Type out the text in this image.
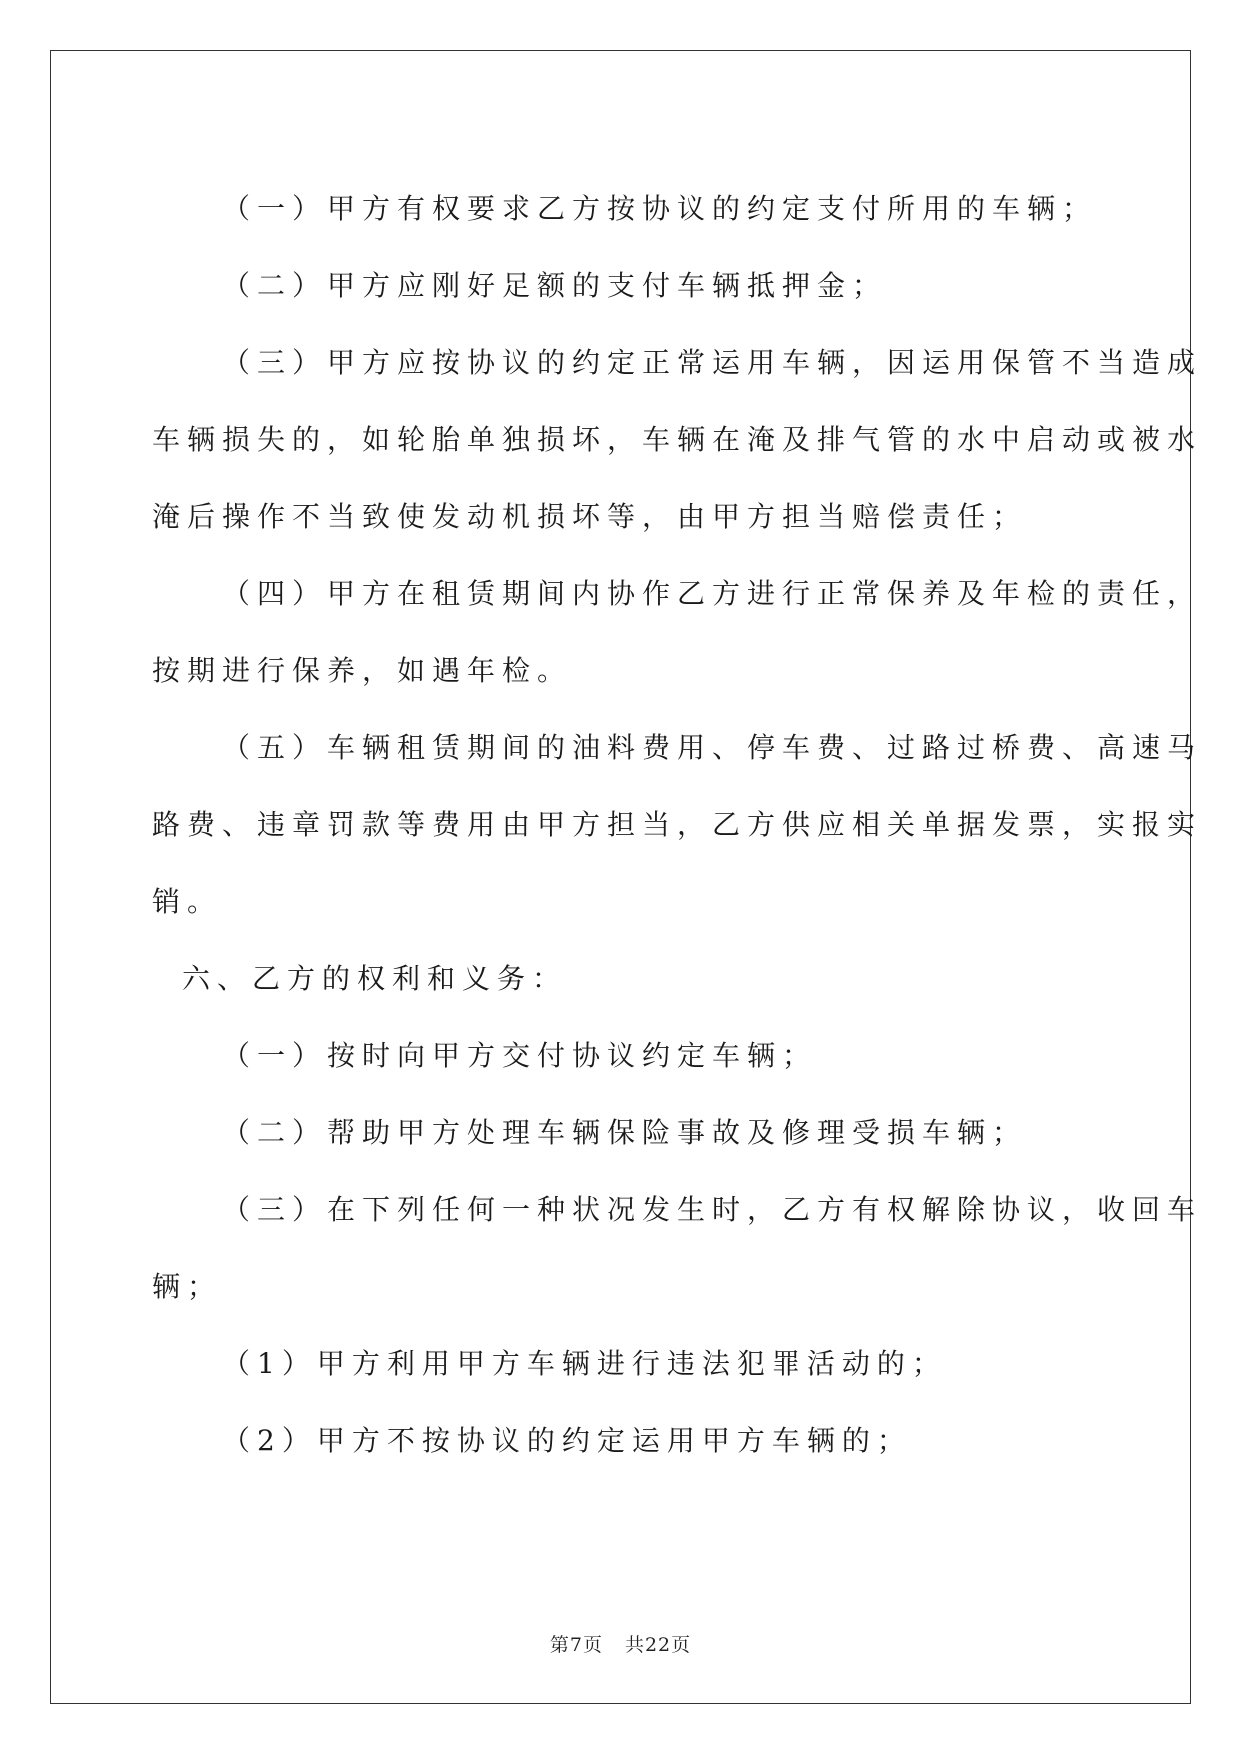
（一）甲方有权要求乙方按协议的约定支付所用的车辆；

（二）甲方应刚好足额的支付车辆抵押金；

（三）甲方应按协议的约定正常运用车辆，因运用保管不当造成

车辆损失的，如轮胎单独损坏，车辆在淹及排气管的水中启动或被水

淹后操作不当致使发动机损坏等，由甲方担当赔偿责任；

（四）甲方在租赁期间内协作乙方进行正常保养及年检的责任，

按期进行保养，如遇年检。

（五）车辆租赁期间的油料费用、停车费、过路过桥费、高速马

路费、违章罚款等费用由甲方担当，乙方供应相关单据发票，实报实

销。

六、乙方的权利和义务：

（一）按时向甲方交付协议约定车辆；

（二）帮助甲方处理车辆保险事故及修理受损车辆；

（三）在下列任何一种状况发生时，乙方有权解除协议，收回车

辆；

（1）甲方利用甲方车辆进行违法犯罪活动的；

（2）甲方不按协议的约定运用甲方车辆的；

第7页 共22页
